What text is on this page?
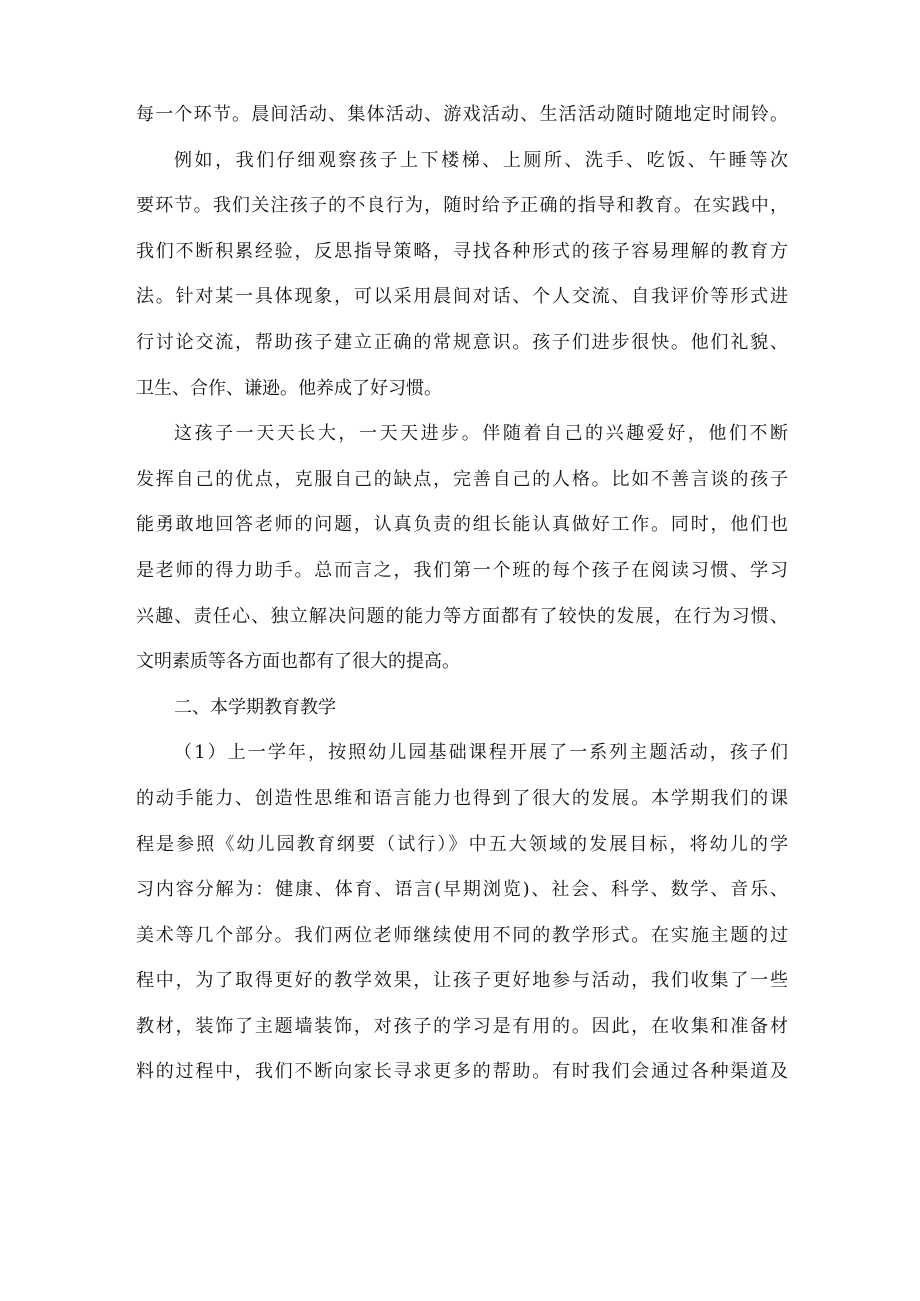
每一个环节。晨间活动、集体活动、游戏活动、生活活动随时随地定时闹铃。
例如，我们仔细观察孩子上下楼梯、上厕所、洗手、吃饭、午睡等次
要环节。我们关注孩子的不良行为，随时给予正确的指导和教育。在实践中，
我们不断积累经验，反思指导策略，寻找各种形式的孩子容易理解的教育方
法。针对某一具体现象，可以采用晨间对话、个人交流、自我评价等形式进
行讨论交流，帮助孩子建立正确的常规意识。孩子们进步很快。他们礼貌、
卫生、合作、谦逊。他养成了好习惯。
这孩子一天天长大，一天天进步。伴随着自己的兴趣爱好，他们不断
发挥自己的优点，克服自己的缺点，完善自己的人格。比如不善言谈的孩子
能勇敢地回答老师的问题，认真负责的组长能认真做好工作。同时，他们也
是老师的得力助手。总而言之，我们第一个班的每个孩子在阅读习惯、学习
兴趣、责任心、独立解决问题的能力等方面都有了较快的发展，在行为习惯、
文明素质等各方面也都有了很大的提高。
二、本学期教育教学
（1）上一学年，按照幼儿园基础课程开展了一系列主题活动，孩子们
的动手能力、创造性思维和语言能力也得到了很大的发展。本学期我们的课
程是参照《幼儿园教育纲要（试行）》中五大领域的发展目标，将幼儿的学
习内容分解为：健康、体育、语言(早期浏览)、社会、科学、数学、音乐、
美术等几个部分。我们两位老师继续使用不同的教学形式。在实施主题的过
程中，为了取得更好的教学效果，让孩子更好地参与活动，我们收集了一些
教材，装饰了主题墙装饰，对孩子的学习是有用的。因此，在收集和准备材
料的过程中，我们不断向家长寻求更多的帮助。有时我们会通过各种渠道及
